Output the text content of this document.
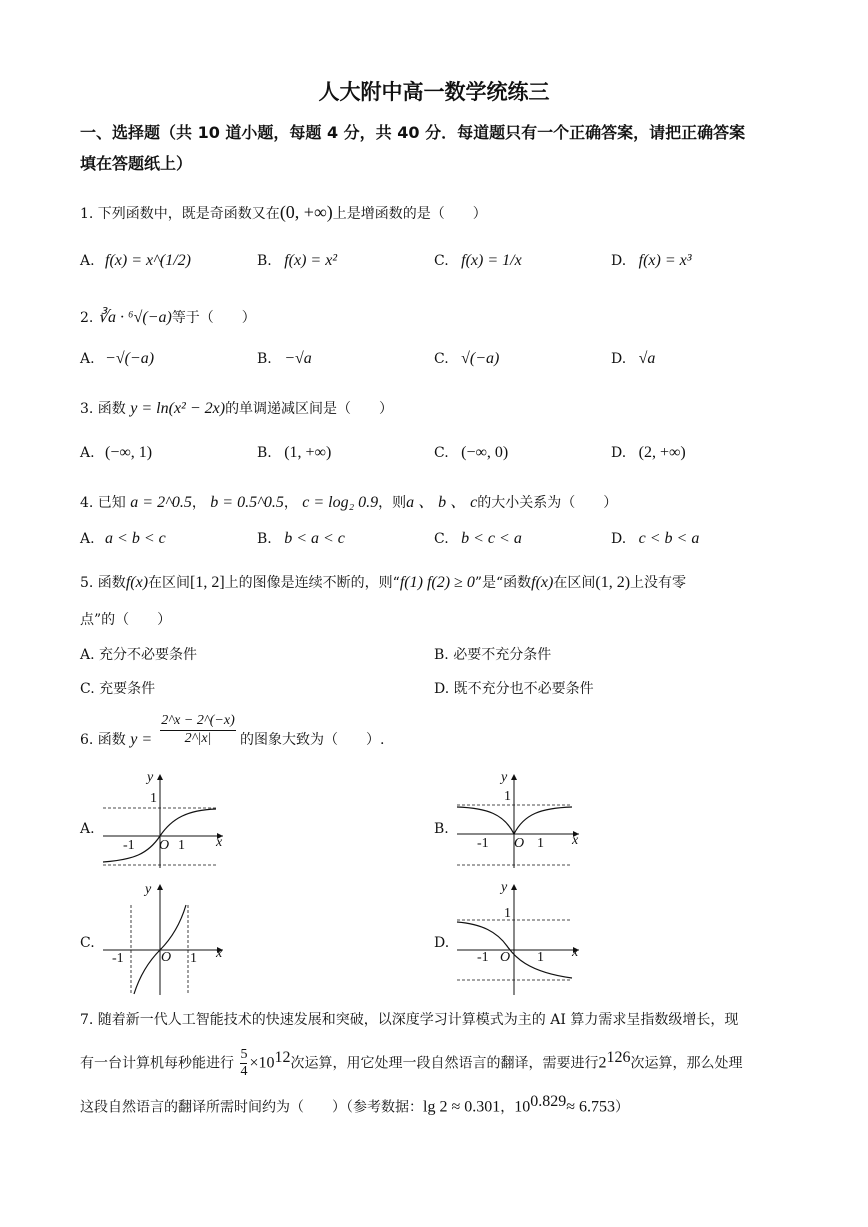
人大附中高一数学统练三
一、选择题（共 10 道小题，每题 4 分，共 40 分．每道题只有一个正确答案，请把正确答案
填在答题纸上）
1. 下列函数中，既是奇函数又在(0, +∞)上是增函数的是（　　）
A. f(x) = x^(1/2)	B. f(x) = x²	C. f(x) = 1/x	D. f(x) = x³
2. ∛a · ⁶√(−a)等于（　　）
A. −√(−a)	B. −√a	C. √(−a)	D. √a
3. 函数 y = ln(x² − 2x)的单调递减区间是（　　）
A. (−∞, 1)	B. (1, +∞)	C. (−∞, 0)	D. (2, +∞)
4. 已知 a = 2^0.5， b = 0.5^0.5， c = log₂ 0.9，则a 、 b 、 c的大小关系为（　　）
A. a < b < c	B. b < a < c	C. b < c < a	D. c < b < a
5. 函数f(x)在区间[1, 2]上的图像是连续不断的，则“f(1) f(2) ≥ 0”是“函数f(x)在区间(1, 2)上没有零
点”的（　　）
A. 充分不必要条件	B. 必要不充分条件
C. 充要条件	D. 既不充分也不必要条件
6. 函数 $y = \frac{2\^{}x - 2\^{}(-x)}{2\^{}|x|}$ 的图象大致为（　　）.
A.
y
x
1
-1 O 1
B.
y
x
1
-1 O 1
C.
y
x
-1	O 1
D.
y
x
1
-1 O 1
7. 随着新一代人工智能技术的快速发展和突破，以深度学习计算模式为主的 AI 算力需求呈指数级增长，现
有一台计算机每秒能进行 $\frac{5}{4} \times 10^{12}$次运算，用它处理一段自然语言的翻译，需要进行$2^{126}$次运算，那么处理
这段自然语言的翻译所需时间约为（　　）（参考数据：lg 2 ≈ 0.301，$10^{0.829}\approx 6.753$）
